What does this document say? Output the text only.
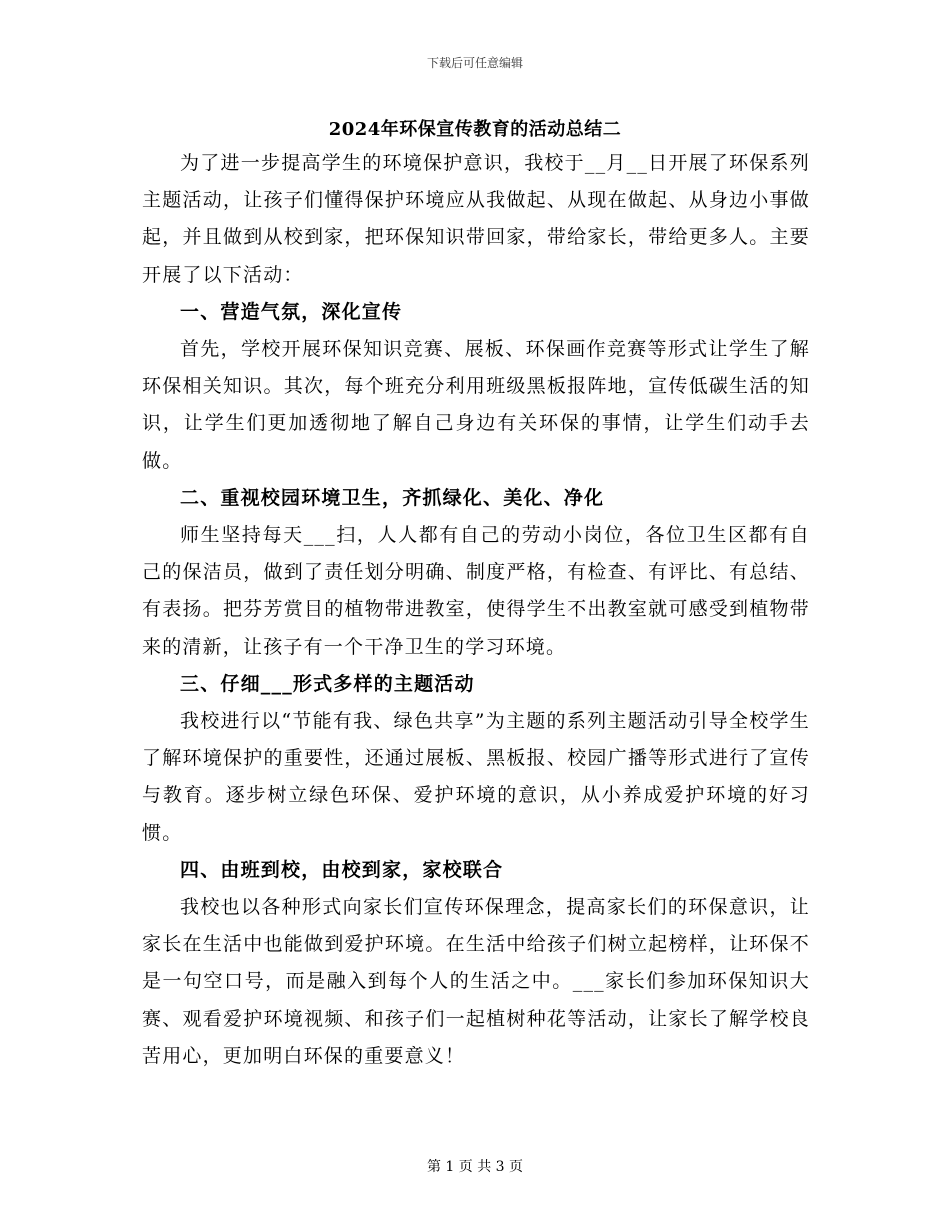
下载后可任意编辑
2024年环保宣传教育的活动总结二

为了进一步提高学生的环境保护意识，我校于__月__日开展了环保系列主题活动，让孩子们懂得保护环境应从我做起、从现在做起、从身边小事做起，并且做到从校到家，把环保知识带回家，带给家长，带给更多人。主要开展了以下活动：

一、营造气氛，深化宣传

首先，学校开展环保知识竞赛、展板、环保画作竞赛等形式让学生了解环保相关知识。其次，每个班充分利用班级黑板报阵地，宣传低碳生活的知识，让学生们更加透彻地了解自己身边有关环保的事情，让学生们动手去做。

二、重视校园环境卫生，齐抓绿化、美化、净化

师生坚持每天___扫，人人都有自己的劳动小岗位，各位卫生区都有自己的保洁员，做到了责任划分明确、制度严格，有检查、有评比、有总结、有表扬。把芬芳赏目的植物带进教室，使得学生不出教室就可感受到植物带来的清新，让孩子有一个干净卫生的学习环境。

三、仔细___形式多样的主题活动

我校进行以“节能有我、绿色共享”为主题的系列主题活动引导全校学生了解环境保护的重要性，还通过展板、黑板报、校园广播等形式进行了宣传与教育。逐步树立绿色环保、爱护环境的意识，从小养成爱护环境的好习惯。

四、由班到校，由校到家，家校联合

我校也以各种形式向家长们宣传环保理念，提高家长们的环保意识，让家长在生活中也能做到爱护环境。在生活中给孩子们树立起榜样，让环保不是一句空口号，而是融入到每个人的生活之中。___家长们参加环保知识大赛、观看爱护环境视频、和孩子们一起植树种花等活动，让家长了解学校良苦用心，更加明白环保的重要意义！

第 1 页 共 3 页
